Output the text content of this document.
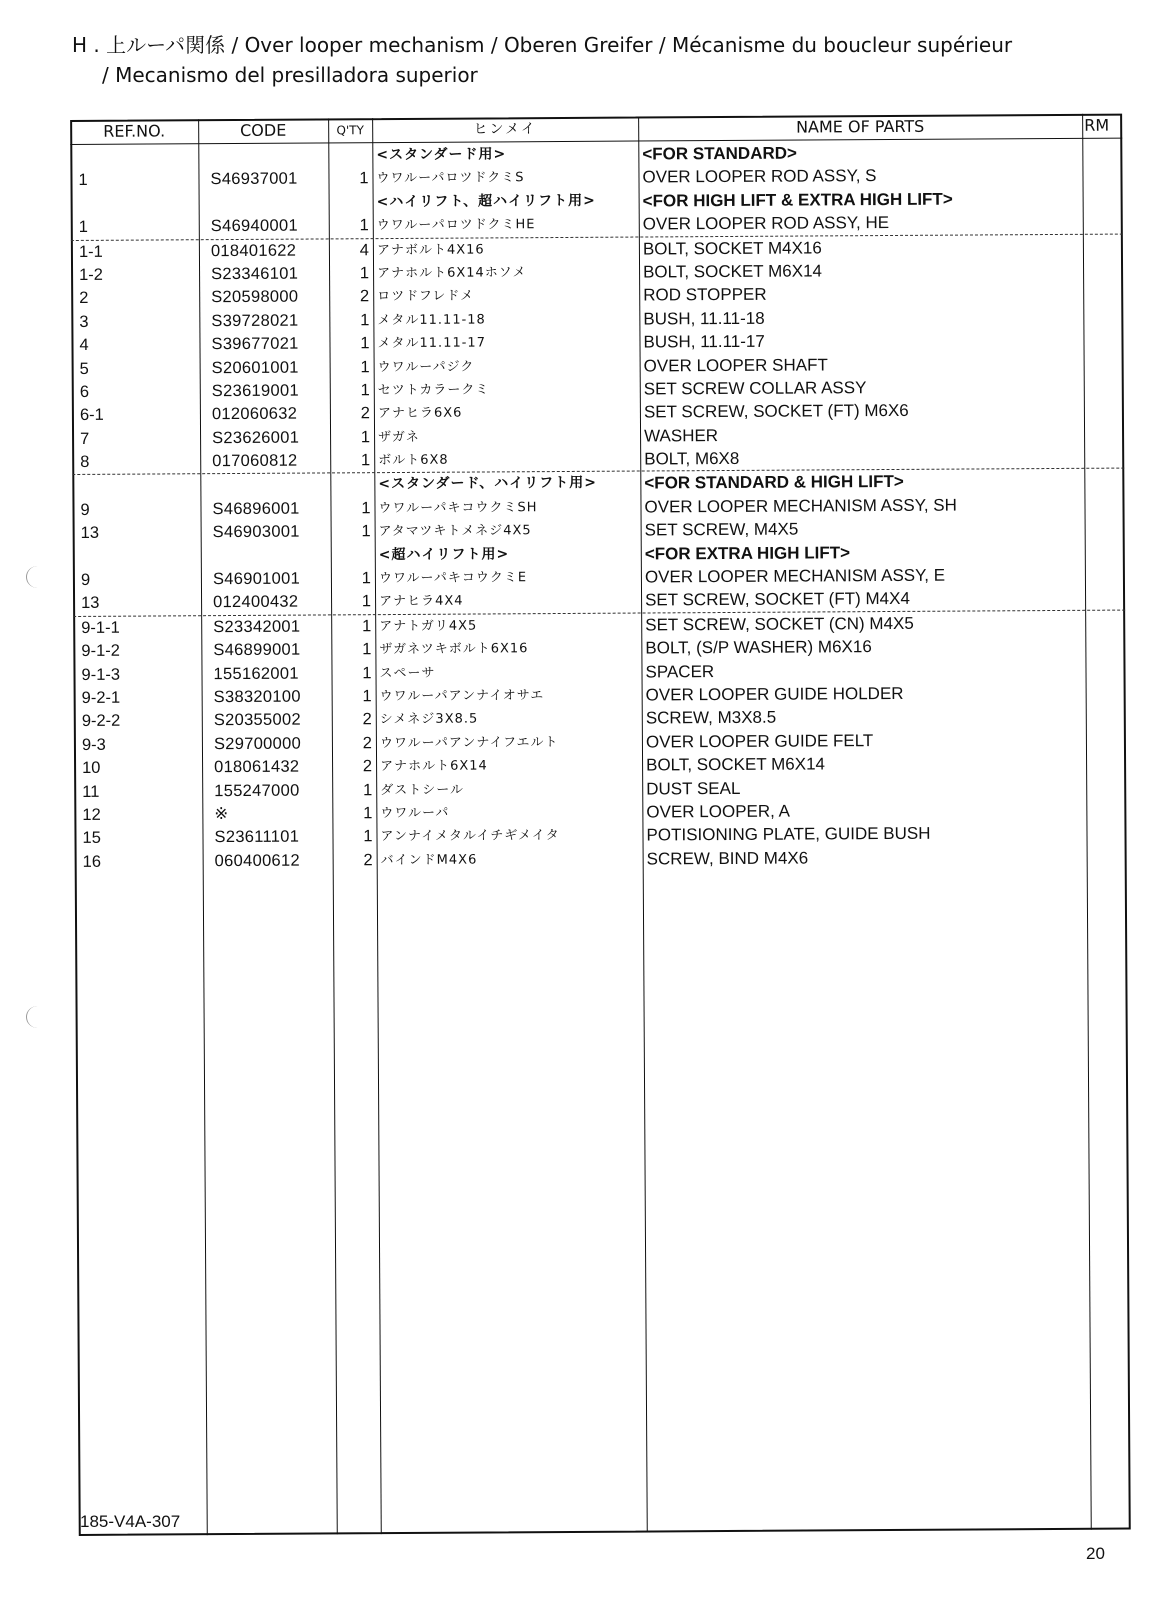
H . 上ルーパ関係 / Over looper mechanism / Oberen Greifer / Mécanisme du boucleur supérieur
/ Mecanismo del presilladora superior
REF.NO.	CODE	Q'TY	ヒンメイ	NAME OF PARTS	RM
<スタンダード用>	<FOR STANDARD>
1	S46937001	1 ウワルーパロツドクミS	OVER LOOPER ROD ASSY, S
<ハイリフト、超ハイリフト用>	<FOR HIGH LIFT & EXTRA HIGH LIFT>
1	S46940001	1 ウワルーパロツドクミHE	OVER LOOPER ROD ASSY, HE
1-1	018401622	4 アナボルト4X16	BOLT, SOCKET M4X16
1-2	S23346101	1 アナホルト6X14ホソメ	BOLT, SOCKET M6X14
2	S20598000	2 ロツドフレドメ	ROD STOPPER
3	S39728021	1 メタル11.11-18	BUSH, 11.11-18
4	S39677021	1 メタル11.11-17	BUSH, 11.11-17
5	S20601001	1 ウワルーパジク	OVER LOOPER SHAFT
6	S23619001	1 セツトカラークミ	SET SCREW COLLAR ASSY
6-1	012060632	2 アナヒラ6X6	SET SCREW, SOCKET (FT) M6X6
7	S23626001	1 ザガネ	WASHER
8	017060812	1 ボルト6X8	BOLT, M6X8
<スタンダード、ハイリフト用>	<FOR STANDARD & HIGH LIFT>
9	S46896001	1 ウワルーパキコウクミSH	OVER LOOPER MECHANISM ASSY, SH
13	S46903001	1 アタマツキトメネジ4X5	SET SCREW, M4X5
<超ハイリフト用>	<FOR EXTRA HIGH LIFT>
9	S46901001	1 ウワルーパキコウクミE	OVER LOOPER MECHANISM ASSY, E
13	012400432	1 アナヒラ4X4	SET SCREW, SOCKET (FT) M4X4
9-1-1	S23342001	1 アナトガリ4X5	SET SCREW, SOCKET (CN) M4X5
9-1-2	S46899001	1 ザガネツキボルト6X16	BOLT, (S/P WASHER) M6X16
9-1-3	155162001	1 スペーサ	SPACER
9-2-1	S38320100	1 ウワルーパアンナイオサエ	OVER LOOPER GUIDE HOLDER
9-2-2	S20355002	2 シメネジ3X8.5	SCREW, M3X8.5
9-3	S29700000	2 ウワルーパアンナイフエルト	OVER LOOPER GUIDE FELT
10	018061432	2 アナホルト6X14	BOLT, SOCKET M6X14
11	155247000	1 ダストシール	DUST SEAL
12	※	1 ウワルーパ	OVER LOOPER, A
15	S23611101	1 アンナイメタルイチギメイタ	POTISIONING PLATE, GUIDE BUSH
16	060400612	2 バインドM4X6	SCREW, BIND M4X6
185-V4A-307
20
